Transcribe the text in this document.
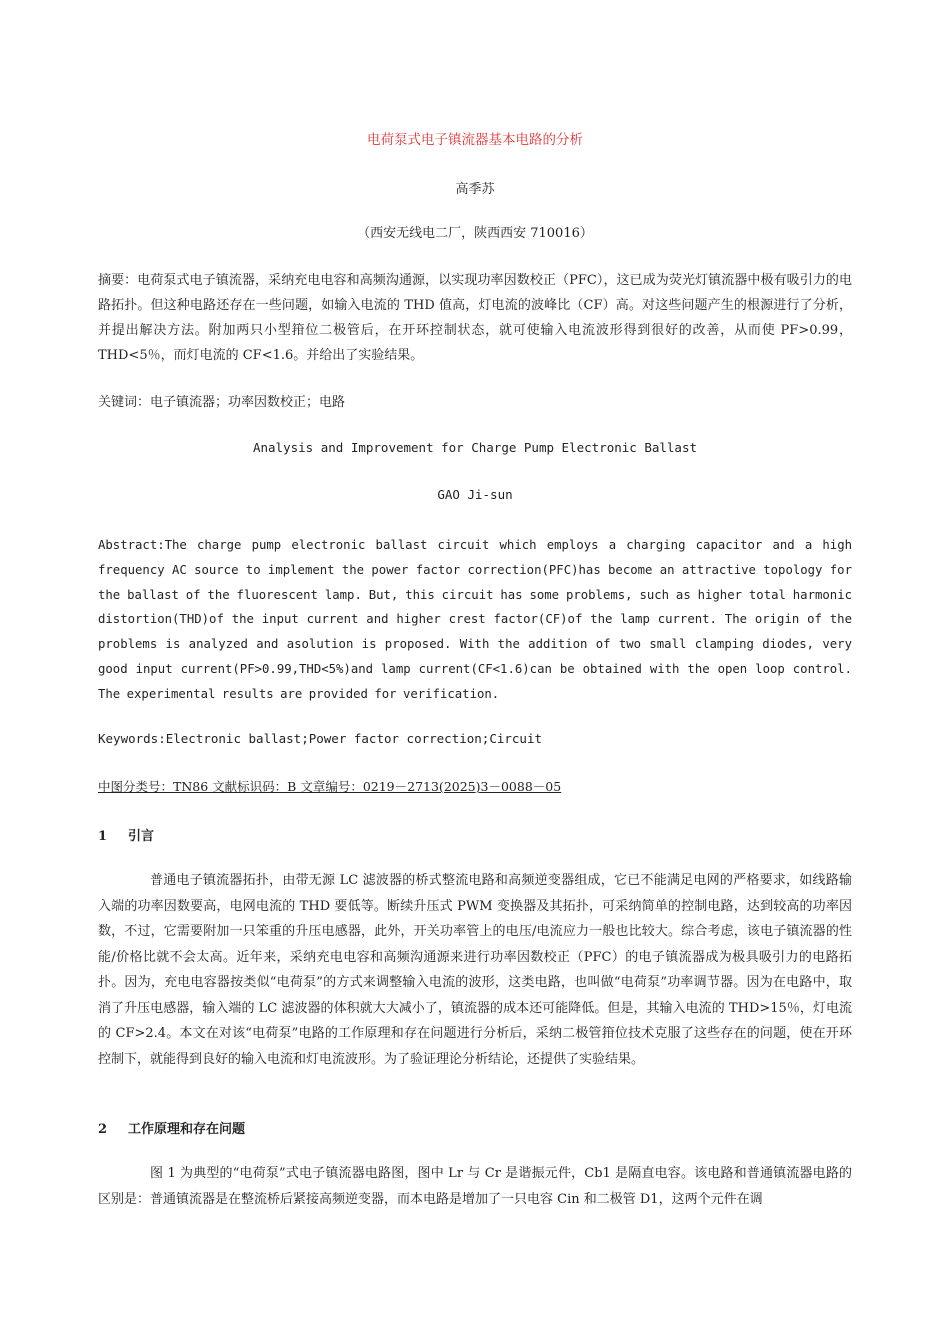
电荷泵式电子镇流器基本电路的分析
高季苏
（西安无线电二厂，陕西西安 710016）
摘要：电荷泵式电子镇流器，采纳充电电容和高频沟通源，以实现功率因数校正（PFC），这已成为荧光灯镇流器中极有吸引力的电路拓扑。但这种电路还存在一些问题，如输入电流的 THD 值高，灯电流的波峰比（CF）高。对这些问题产生的根源进行了分析，并提出解决方法。附加两只小型箝位二极管后，在开环控制状态，就可使输入电流波形得到很好的改善，从而使 PF>0.99，THD<5％，而灯电流的 CF<1.6。并给出了实验结果。
关键词：电子镇流器；功率因数校正；电路
Analysis and Improvement for Charge Pump Electronic Ballast
GAO Ji-sun
Abstract:The charge pump electronic ballast circuit which employs a charging capacitor and a high frequency AC source to implement the power factor correction(PFC)has become an attractive topology for the ballast of the fluorescent lamp. But, this circuit has some problems, such as higher total harmonic distortion(THD)of the input current and higher crest factor(CF)of the lamp current. The origin of the problems is analyzed and asolution is proposed. With the addition of two small clamping diodes, very good input current(PF>0.99,THD<5%)and lamp current(CF<1.6)can be obtained with the open loop control. The experimental results are provided for verification.
Keywords:Electronic ballast;Power factor correction;Circuit
中图分类号：TN86 文献标识码：B 文章编号：0219－2713(2025)3－0088－05
1 引言
普通电子镇流器拓扑，由带无源 LC 滤波器的桥式整流电路和高频逆变器组成，它已不能满足电网的严格要求，如线路输入端的功率因数要高，电网电流的 THD 要低等。断续升压式 PWM 变换器及其拓扑，可采纳简单的控制电路，达到较高的功率因数，不过，它需要附加一只笨重的升压电感器，此外，开关功率管上的电压/电流应力一般也比较大。综合考虑，该电子镇流器的性能/价格比就不会太高。近年来，采纳充电电容和高频沟通源来进行功率因数校正（PFC）的电子镇流器成为极具吸引力的电路拓扑。因为，充电电容器按类似“电荷泵”的方式来调整输入电流的波形，这类电路，也叫做“电荷泵”功率调节器。因为在电路中，取消了升压电感器，输入端的 LC 滤波器的体积就大大减小了，镇流器的成本还可能降低。但是，其输入电流的 THD>15％，灯电流的 CF>2.4。本文在对该“电荷泵”电路的工作原理和存在问题进行分析后，采纳二极管箝位技术克服了这些存在的问题，使在开环控制下，就能得到良好的输入电流和灯电流波形。为了验证理论分析结论，还提供了实验结果。
2 工作原理和存在问题
图 1 为典型的“电荷泵”式电子镇流器电路图，图中 Lr 与 Cr 是谐振元件，Cb1 是隔直电容。该电路和普通镇流器电路的区别是：普通镇流器是在整流桥后紧接高频逆变器，而本电路是增加了一只电容 Cin 和二极管 D1，这两个元件在调
